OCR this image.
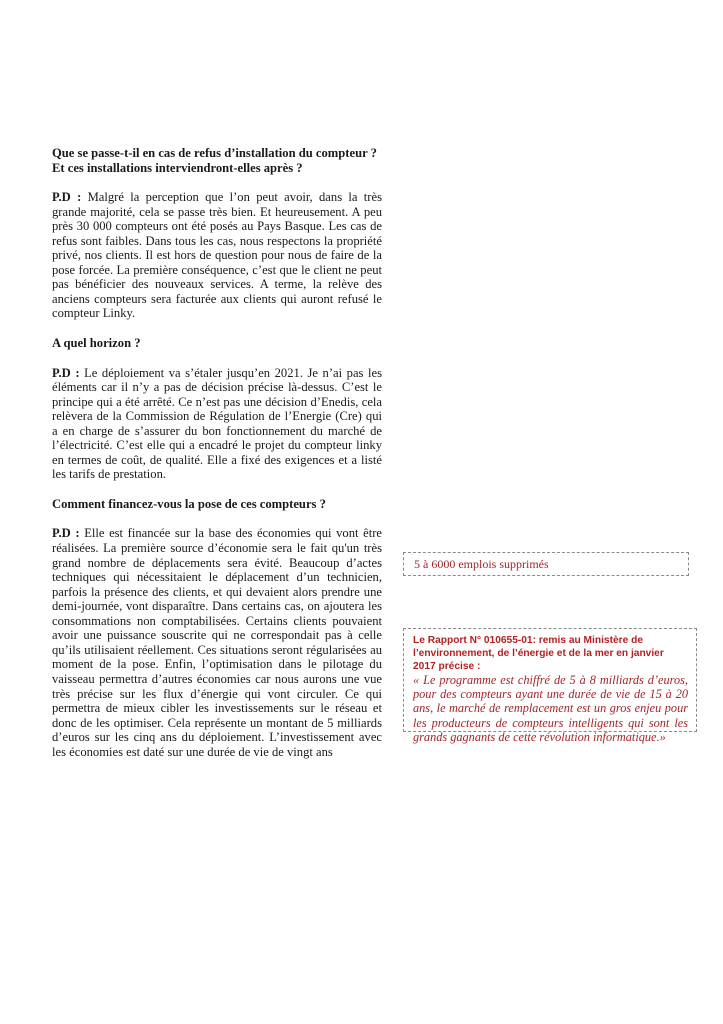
Que se passe-t-il en cas de refus d’installation du compteur ?
Et ces installations interviendront-elles après ?

P.D : Malgré la perception que l’on peut avoir, dans la très grande majorité, cela se passe très bien. Et heureusement. A peu près 30 000 compteurs ont été posés au Pays Basque. Les cas de refus sont faibles. Dans tous les cas, nous respectons la propriété privé, nos clients. Il est hors de question pour nous de faire de la pose forcée. La première conséquence, c’est que le client ne peut pas bénéficier des nouveaux services. A terme, la relève des anciens compteurs sera facturée aux clients qui auront refusé le compteur Linky.

A quel horizon ?

P.D : Le déploiement va s’étaler jusqu’en 2021. Je n’ai pas les éléments car il n’y a pas de décision précise là-dessus. C’est le principe qui a été arrêté. Ce n’est pas une décision d’Enedis, cela relèvera de la Commission de Régulation de l’Energie (Cre) qui a en charge de s’assurer du bon fonctionnement du marché de l’électricité. C’est elle qui a encadré le projet du compteur linky en termes de coût, de qualité. Elle a fixé des exigences et a listé les tarifs de prestation.

Comment financez-vous la pose de ces compteurs ?

P.D : Elle est financée sur la base des économies qui vont être réalisées. La première source d’économie sera le fait qu'un très grand nombre de déplacements sera évité. Beaucoup d’actes techniques qui nécessitaient le déplacement d’un technicien, parfois la présence des clients, et qui devaient alors prendre une demi-journée, vont disparaître. Dans certains cas, on ajoutera les consommations non comptabilisées. Certains clients pouvaient avoir une puissance souscrite qui ne correspondait pas à celle qu’ils utilisaient réellement. Ces situations seront régularisées au moment de la pose. Enfin, l’optimisation dans le pilotage du vaisseau permettra d’autres économies car nous aurons une vue très précise sur les flux d’énergie qui vont circuler. Ce qui permettra de mieux cibler les investissements sur le réseau et donc de les optimiser. Cela représente un montant de 5 milliards d’euros sur les cinq ans du déploiement. L’investissement avec les économies est daté sur une durée de vie de vingt ans

5 à 6000 emplois supprimés

Le Rapport N° 010655-01: remis au Ministère de l’environnement, de l’énergie et de la mer en janvier 2017 précise :

« Le programme est chiffré de 5 à 8 milliards d’euros, pour des compteurs ayant une durée de vie de 15 à 20 ans, le marché de remplacement est un gros enjeu pour les producteurs de compteurs intelligents qui sont les grands gagnants de cette révolution informatique.»
